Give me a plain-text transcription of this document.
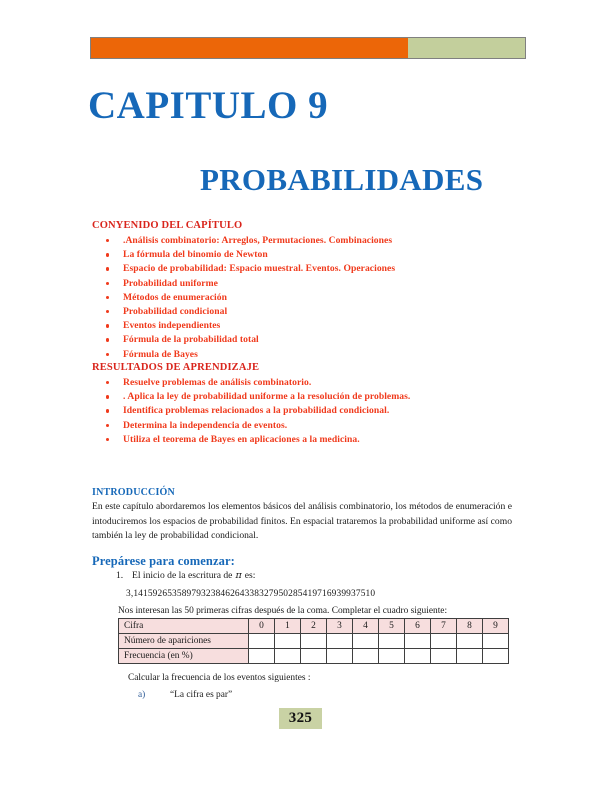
CAPITULO 9
PROBABILIDADES
CONYENIDO DEL CAPÍTULO
.Análisis combinatorio: Arreglos, Permutaciones. Combinaciones
La fórmula del binomio de Newton
Espacio de probabilidad: Espacio muestral. Eventos. Operaciones
Probabilidad uniforme
Métodos de enumeración
Probabilidad condicional
Eventos independientes
Fórmula de la probabilidad total
Fórmula de Bayes
RESULTADOS DE APRENDIZAJE
Resuelve problemas de análisis combinatorio.
. Aplica la ley de probabilidad uniforme a la resolución de problemas.
Identifica problemas relacionados a la probabilidad condicional.
Determina la independencia de eventos.
Utiliza el teorema de Bayes en aplicaciones a la medicina.
INTRODUCCIÓN
En este capítulo abordaremos los elementos básicos del análisis combinatorio, los métodos de enumeración e intoduciremos los espacios de probabilidad finitos. En espacial trataremos la probabilidad uniforme así como también la ley de probabilidad condicional.
Prepárese para comenzar:
1. El inicio de la escritura de π es:
3,14159265358979323846264338327950285419716939937510
Nos interesan las 50 primeras cifras después de la coma. Completar el cuadro siguiente:
Cifra	0	1	2	3	4	5	6	7	8	9
Número de apariciones										
Frecuencia (en %)										
Calcular la frecuencia de los eventos siguientes :
a)	“La cifra es par”
325
